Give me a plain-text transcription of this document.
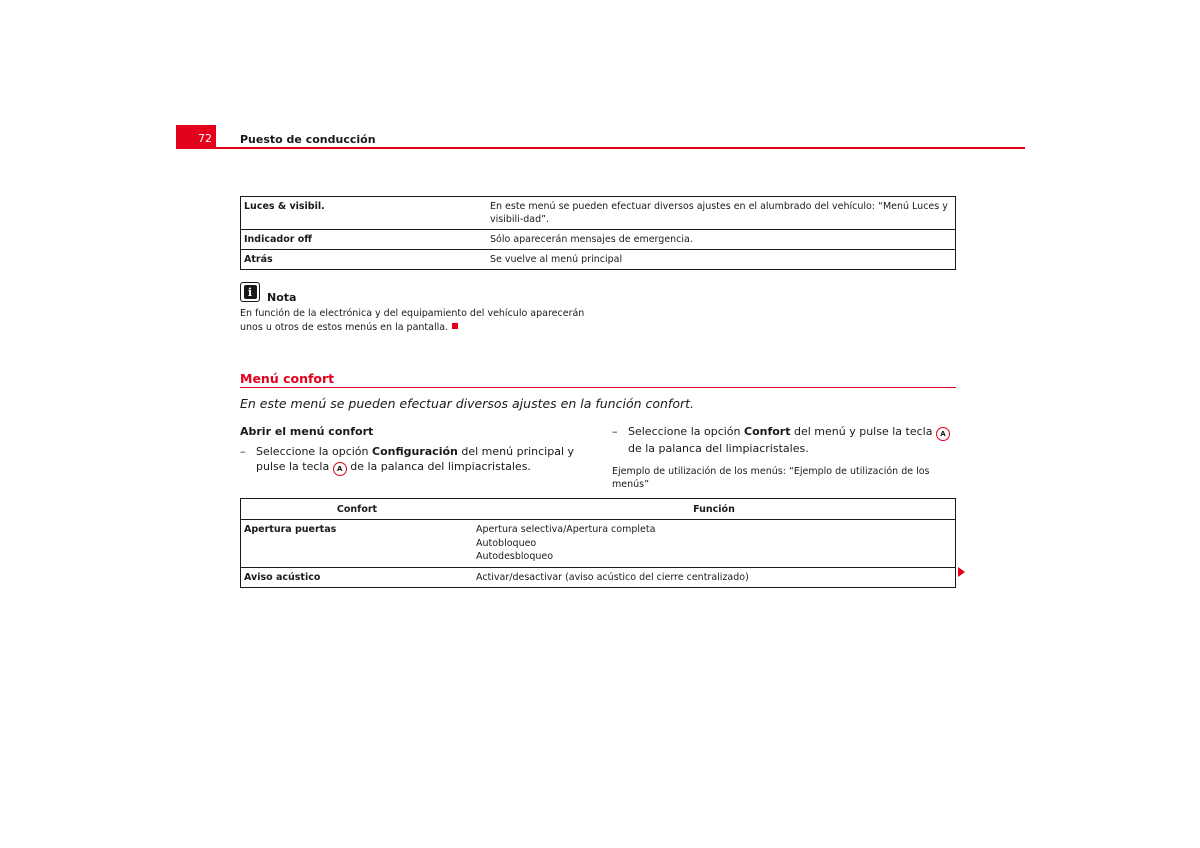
72	Puesto de conducción
Luces & visibil.	En este menú se pueden efectuar diversos ajustes en el alumbrado del vehículo: “Menú Luces y visibili-dad”.
Indicador off	Sólo aparecerán mensajes de emergencia.
Atrás	Se vuelve al menú principal
i	Nota
En función de la electrónica y del equipamiento del vehículo aparecerán unos u otros de estos menús en la pantalla.
Menú confort
En este menú se pueden efectuar diversos ajustes en la función confort.
Abrir el menú confort
– Seleccione la opción Configuración del menú principal y pulse la tecla A de la palanca del limpiacristales.
– Seleccione la opción Confort del menú y pulse la tecla A de la palanca del limpiacristales.
Ejemplo de utilización de los menús: “Ejemplo de utilización de los menús”
Confort	Función
Apertura puertas	Apertura selectiva/Apertura completa
Autobloqueo
Autodesbloqueo

Aviso acústico	Activar/desactivar (aviso acústico del cierre centralizado)
